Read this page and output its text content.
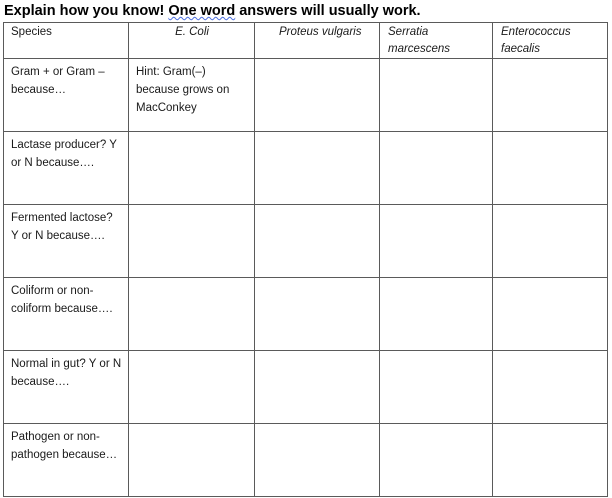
Explain how you know! One word answers will usually work.
Species	E. Coli	Proteus vulgaris	Serratia marcescens	Enterococcus faecalis
Gram + or Gram – because…	Hint: Gram(–) because grows on MacConkey			
Lactase producer? Y or N because….				
Fermented lactose? Y or N because….				
Coliform or non-coliform because….				
Normal in gut? Y or N because….				
Pathogen or non-pathogen because…				
